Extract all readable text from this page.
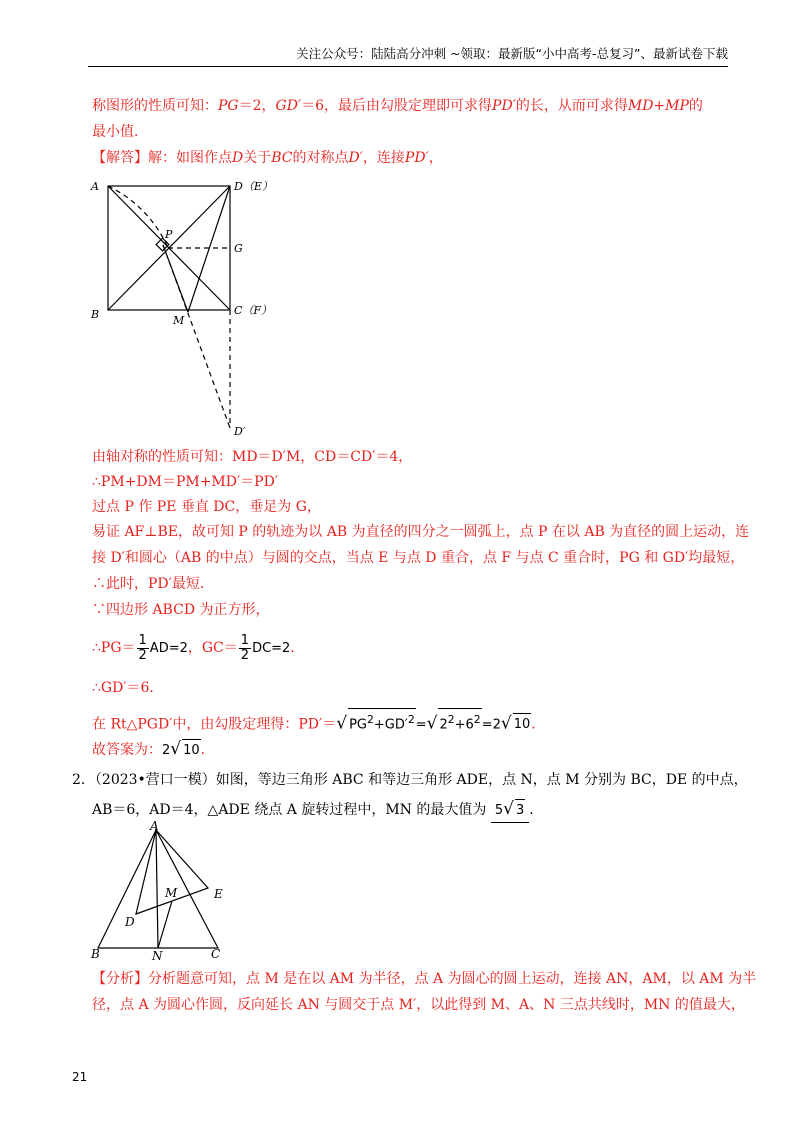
关注公众号：陆陆高分冲刺 ~领取：最新版“小中高考-总复习”、最新试卷下载
称图形的性质可知：PG＝2，GD′＝6，最后由勾股定理即可求得PD′的长，从而可求得MD+MP的
最小值．
【解答】解：如图作点D关于BC的对称点D′，连接PD′，
A	D（E）
P
G
B	M
C（F）
D′
由轴对称的性质可知：MD＝D′M，CD＝CD′＝4，
∴PM+DM＝PM+MD′＝PD′
过点 P 作 PE 垂直 DC，垂足为 G，
易证 AF⊥BE，故可知 P 的轨迹为以 AB 为直径的四分之一圆弧上，点 P 在以 AB 为直径的圆上运动，连
接 D′和圆心（AB 的中点）与圆的交点，当点 E 与点 D 重合，点 F 与点 C 重合时，PG 和 GD′均最短，
∴此时，PD′最短．
∵四边形 ABCD 为正方形，
∴PG＝ $\frac{1}{2} AD=2$，$GC= \frac{1}{2} DC=2$．
∴GD′＝6．
在 Rt△PGD′中，由勾股定理得：PD′＝√ $PG^2+GD'^2=√$ $2^2+6^2=2√$ 10．
故答案为：2√ 10．
2．（2023•营口一模）如图，等边三角形 ABC 和等边三角形 ADE，点 N，点 M 分别为 BC，DE 的中点，
AB＝6，AD＝4，△ADE 绕点 A 旋转过程中，MN 的最大值为 5√ 3 ．
A
M	E
D
B	N	C
【分析】分析题意可知，点 M 是在以 AM 为半径，点 A 为圆心的圆上运动，连接 AN，AM，以 AM 为半
径，点 A 为圆心作圆，反向延长 AN 与圆交于点 M′，以此得到 M、A、N 三点共线时，MN 的值最大，
21
